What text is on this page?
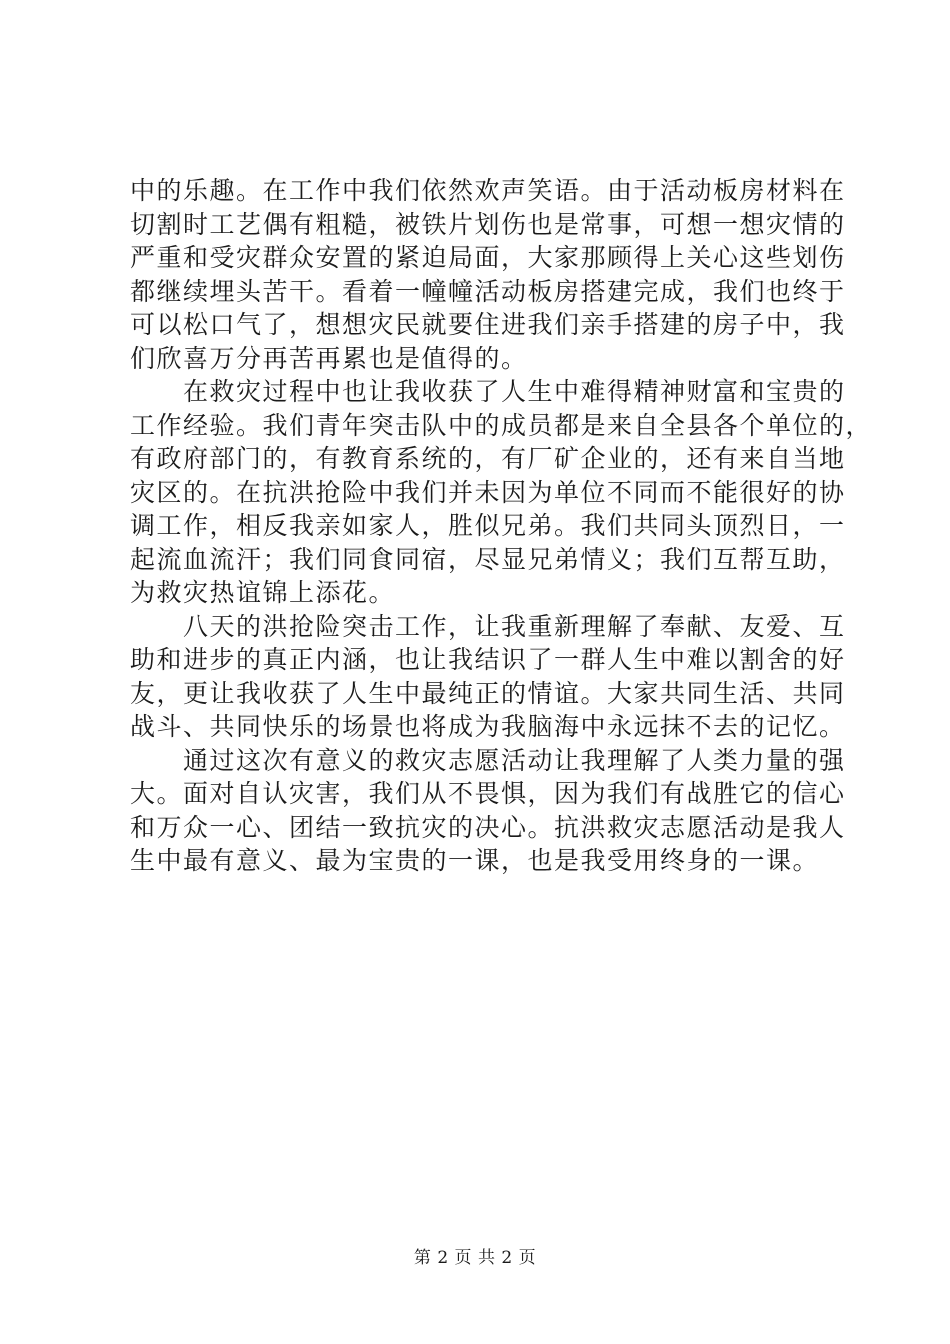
中的乐趣。在工作中我们依然欢声笑语。由于活动板房材料在
切割时工艺偶有粗糙，被铁片划伤也是常事，可想一想灾情的
严重和受灾群众安置的紧迫局面，大家那顾得上关心这些划伤
都继续埋头苦干。看着一幢幢活动板房搭建完成，我们也终于
可以松口气了，想想灾民就要住进我们亲手搭建的房子中，我
们欣喜万分再苦再累也是值得的。
　　在救灾过程中也让我收获了人生中难得精神财富和宝贵的
工作经验。我们青年突击队中的成员都是来自全县各个单位的，
有政府部门的，有教育系统的，有厂矿企业的，还有来自当地
灾区的。在抗洪抢险中我们并未因为单位不同而不能很好的协
调工作，相反我亲如家人，胜似兄弟。我们共同头顶烈日，一
起流血流汗；我们同食同宿，尽显兄弟情义；我们互帮互助，
为救灾热谊锦上添花。
　　八天的洪抢险突击工作，让我重新理解了奉献、友爱、互
助和进步的真正内涵，也让我结识了一群人生中难以割舍的好
友，更让我收获了人生中最纯正的情谊。大家共同生活、共同
战斗、共同快乐的场景也将成为我脑海中永远抹不去的记忆。
　　通过这次有意义的救灾志愿活动让我理解了人类力量的强
大。面对自认灾害，我们从不畏惧，因为我们有战胜它的信心
和万众一心、团结一致抗灾的决心。抗洪救灾志愿活动是我人
生中最有意义、最为宝贵的一课，也是我受用终身的一课。
第 2 页 共 2 页
